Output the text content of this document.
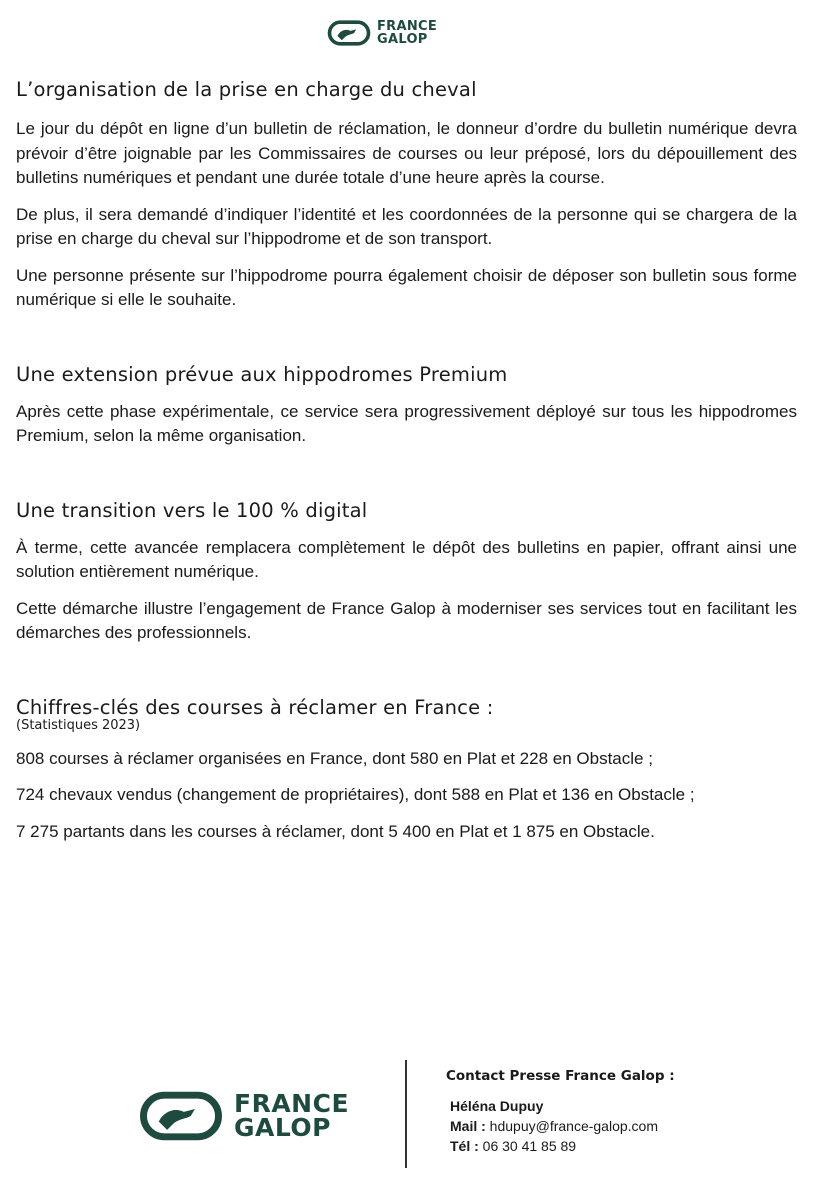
FRANCE
GALOP
L’organisation de la prise en charge du cheval

Le jour du dépôt en ligne d’un bulletin de réclamation, le donneur d’ordre du bulletin numérique devra prévoir d’être joignable par les Commissaires de courses ou leur préposé, lors du dépouillement des bulletins numériques et pendant une durée totale d’une heure après la course.

De plus, il sera demandé d’indiquer l’identité et les coordonnées de la personne qui se chargera de la prise en charge du cheval sur l’hippodrome et de son transport.

Une personne présente sur l’hippodrome pourra également choisir de déposer son bulletin sous forme numérique si elle le souhaite.

Une extension prévue aux hippodromes Premium

Après cette phase expérimentale, ce service sera progressivement déployé sur tous les hippodromes Premium, selon la même organisation.

Une transition vers le 100 % digital

À terme, cette avancée remplacera complètement le dépôt des bulletins en papier, offrant ainsi une solution entièrement numérique.

Cette démarche illustre l’engagement de France Galop à moderniser ses services tout en facilitant les démarches des professionnels.

Chiffres-clés des courses à réclamer en France :
(Statistiques 2023)

808 courses à réclamer organisées en France, dont 580 en Plat et 228 en Obstacle ;

724 chevaux vendus (changement de propriétaires), dont 588 en Plat et 136 en Obstacle ;

7 275 partants dans les courses à réclamer, dont 5 400 en Plat et 1 875 en Obstacle.

FRANCE
GALOP
Contact Presse France Galop :
Héléna Dupuy
Mail : hdupuy@france-galop.com
Tél : 06 30 41 85 89
